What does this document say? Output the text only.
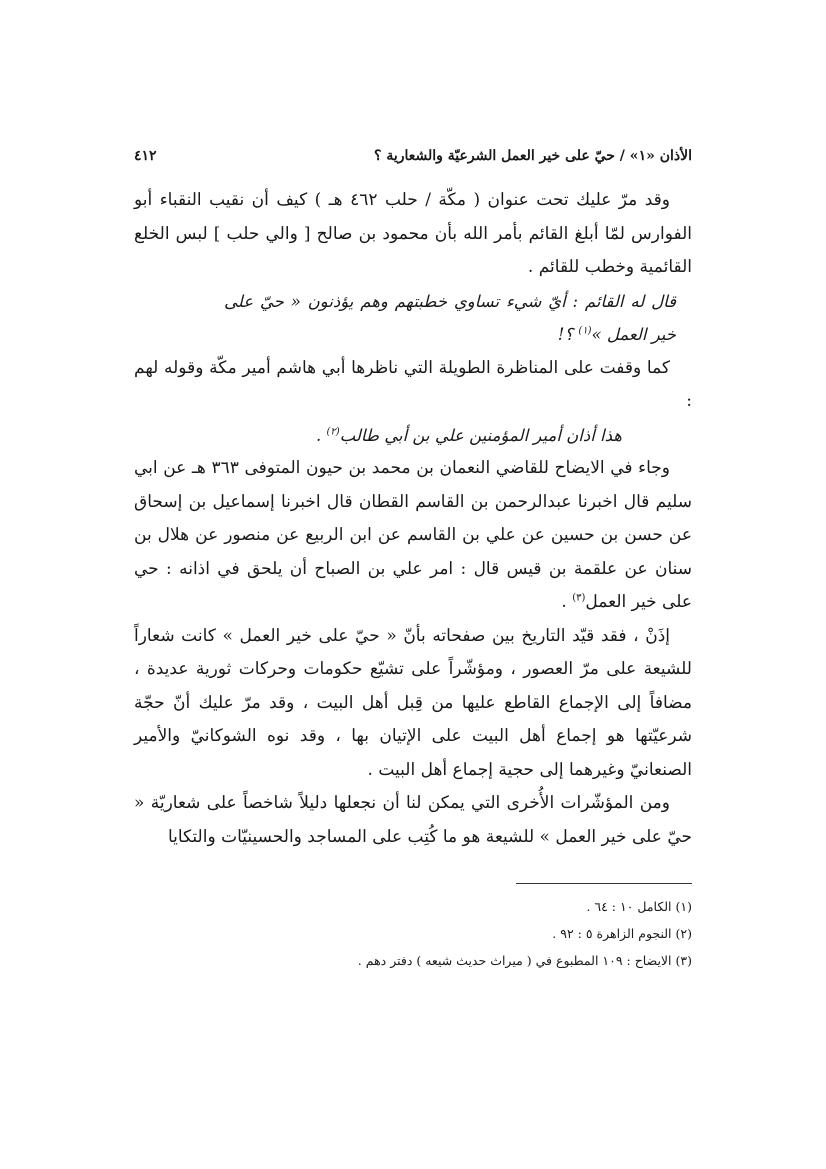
الأذان «١» / حيّ على خير العمل الشرعيّة والشعارية ؟
٤١٢

وقد مرّ عليك تحت عنوان ( مكّة / حلب ٤٦٢ هـ ) كيف أن نقيب النقباء أبو الفوارس لمّا أبلغ القائم بأمر الله بأن محمود بن صالح [ والي حلب ] لبس الخلع القائمية وخطب للقائم .

قال له القائم : أيّ شيء تساوي خطبتهم وهم يؤذنون « حيّ على خير العمل »$^{(١)}$ ؟!

كما وقفت على المناظرة الطويلة التي ناظرها أبي هاشم أمير مكّة وقوله لهم :

هذا أذان أمير المؤمنين علي بن أبي طالب$^{(٢)}$ .

وجاء في الايضاح للقاضي النعمان بن محمد بن حيون المتوفى ٣٦٣ هـ عن ابي سليم قال اخبرنا عبدالرحمن بن القاسم القطان قال اخبرنا إسماعيل بن إسحاق عن حسن بن حسين عن علي بن القاسم عن ابن الربيع عن منصور عن هلال بن سنان عن علقمة بن قيس قال : امر علي بن الصباح أن يلحق في اذانه : حي على خير العمل$^{(٣)}$ .

إذَنْ ، فقد قيّد التاريخ بين صفحاته بأنّ « حيّ على خير العمل » كانت شعاراً للشيعة على مرّ العصور ، ومؤشّراً على تشيّع حكومات وحركات ثورية عديدة ، مضافاً إلى الإجماع القاطع عليها من قِبل أهل البيت ، وقد مرّ عليك أنّ حجّة شرعيّتها هو إجماع أهل البيت على الإتيان بها ، وقد نوه الشوكانيّ والأمير الصنعانيّ وغيرهما إلى حجية إجماع أهل البيت .

ومن المؤشّرات الأُخرى التي يمكن لنا أن نجعلها دليلاً شاخصاً على شعاريّة « حيّ على خير العمل » للشيعة هو ما كُتِب على المساجد والحسينيّات والتكايا

(١) الكامل ١٠ : ٦٤ .

(٢) النجوم الزاهرة ٥ : ٩٢ .

(٣) الايضاح : ١٠٩ المطبوع في ( ميراث حديث شيعه ) دفتر دهم .
